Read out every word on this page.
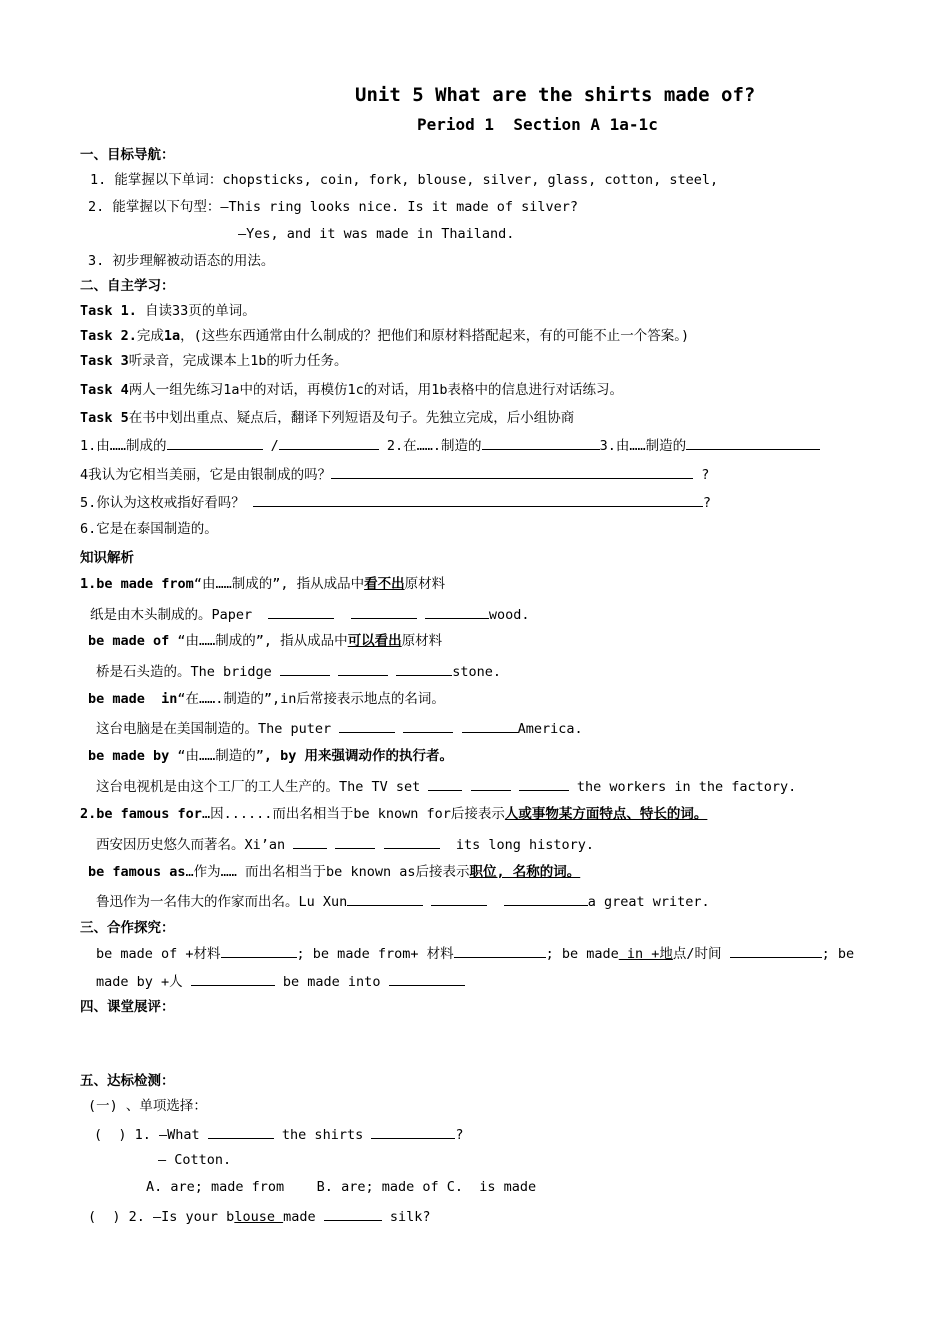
Unit 5 What are the shirts made of?
Period 1  Section A 1a-1c
一、目标导航：
1. 能掌握以下单词：chopsticks, coin, fork, blouse, silver, glass, cotton, steel,
2. 能掌握以下句型：—This ring looks nice. Is it made of silver?
—Yes, and it was made in Thailand.
3. 初步理解被动语态的用法。
二、自主学习：
Task 1. 自读33页的单词。
Task 2.完成1a，(这些东西通常由什么制成的？把他们和原材料搭配起来，有的可能不止一个答案。)
Task 3听录音，完成课本上1b的听力任务。
Task 4两人一组先练习1a中的对话，再模仿1c的对话，用1b表格中的信息进行对话练习。
Task 5在书中划出重点、疑点后，翻译下列短语及句子。先独立完成，后小组协商
1.由……制成的	/	2.在…….制造的	3.由……制造的
4我认为它相当美丽，它是由银制成的吗？	?
5.你认为这枚戒指好看吗？	?
6.它是在泰国制造的。
知识解析
1.be made from“由……制成的”, 指从成品中看不出原材料
纸是由木头制成的。Paper	wood.
be made of “由……制成的”, 指从成品中可以看出原材料
桥是石头造的。The bridge	stone.
be made  in“在…….制造的”,in后常接表示地点的名词。
这台电脑是在美国制造的。The puter	America.
be made by “由……制造的”, by 用来强调动作的执行者。
这台电视机是由这个工厂的工人生产的。The TV set	the workers in the factory.
2.be famous for…因......而出名相当于be known for后接表示人或事物某方面特点、特长的词。
西安因历史悠久而著名。Xi’an	its long history.
be famous as…作为…… 而出名相当于be known as后接表示职位, 名称的词。
鲁迅作为一名伟大的作家而出名。Lu Xun	a great writer.
三、合作探究：
be made of +材料	; be made from+ 材料	; be made in +地点/时间	; be
made by +人	be made into
四、课堂展评：
五、达标检测：
(一) 、单项选择：
(  ) 1. —What	the shirts	?
— Cotton.
A. are; made from    B. are; made of C.  is made
(  ) 2. —Is your blouse made	silk?
